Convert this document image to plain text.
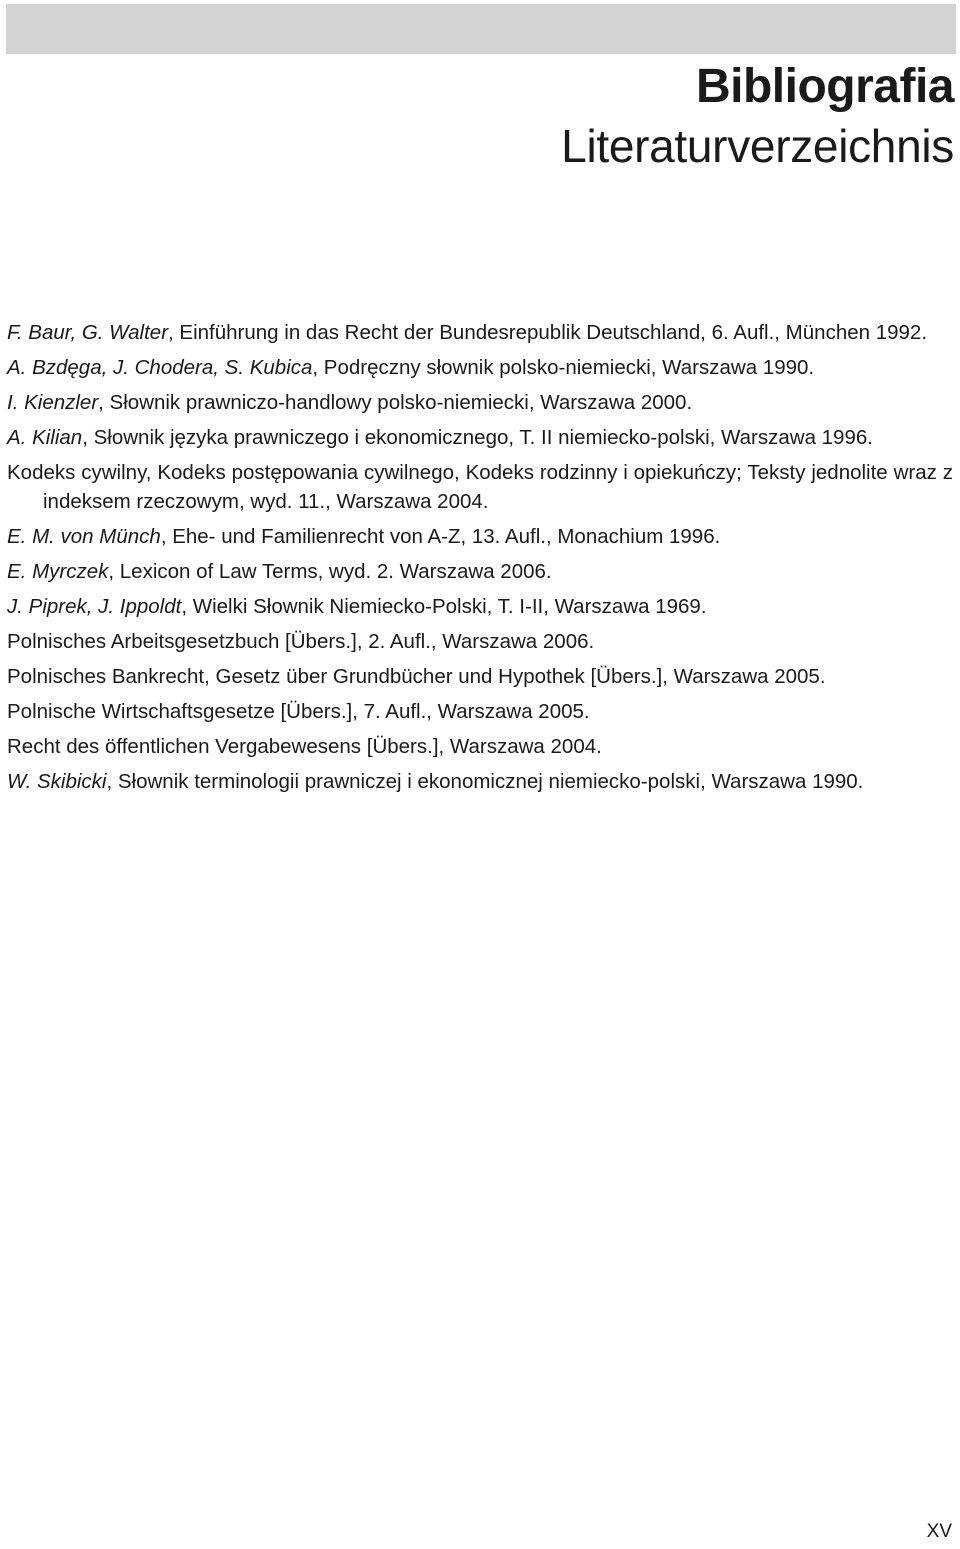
Bibliografia
Literaturverzeichnis
F. Baur, G. Walter, Einführung in das Recht der Bundesrepublik Deutschland, 6. Aufl., München 1992.
A. Bzdęga, J. Chodera, S. Kubica, Podręczny słownik polsko-niemiecki, Warszawa 1990.
I. Kienzler, Słownik prawniczo-handlowy polsko-niemiecki, Warszawa 2000.
A. Kilian, Słownik języka prawniczego i ekonomicznego, T. II niemiecko-polski, Warszawa 1996.
Kodeks cywilny, Kodeks postępowania cywilnego, Kodeks rodzinny i opiekuńczy; Teksty jednolite wraz z indeksem rzeczowym, wyd. 11., Warszawa 2004.
E. M. von Münch, Ehe- und Familienrecht von A-Z, 13. Aufl., Monachium 1996.
E. Myrczek, Lexicon of Law Terms, wyd. 2. Warszawa 2006.
J. Piprek, J. Ippoldt, Wielki Słownik Niemiecko-Polski, T. I-II, Warszawa 1969.
Polnisches Arbeitsgesetzbuch [Übers.], 2. Aufl., Warszawa 2006.
Polnisches Bankrecht, Gesetz über Grundbücher und Hypothek [Übers.], Warszawa 2005.
Polnische Wirtschaftsgesetze [Übers.], 7. Aufl., Warszawa 2005.
Recht des öffentlichen Vergabewesens [Übers.], Warszawa 2004.
W. Skibicki, Słownik terminologii prawniczej i ekonomicznej niemiecko-polski, Warszawa 1990.
XV
